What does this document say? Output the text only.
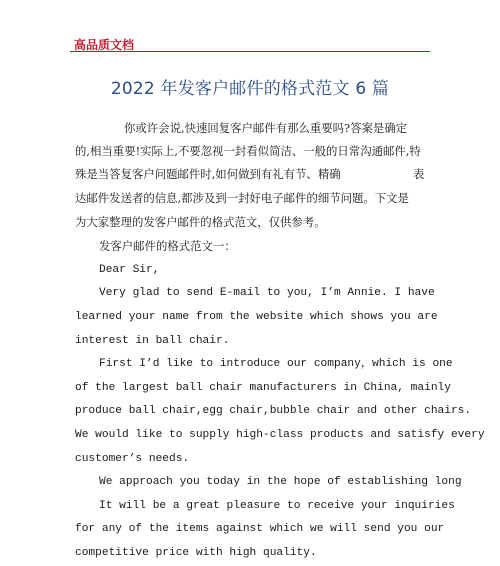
高品质文档
2022 年发客户邮件的格式范文 6 篇
你或许会说,快速回复客户邮件有那么重要吗?答案是确定
的,相当重要!实际上,不要忽视一封看似简洁、一般的日常沟通邮件,特
殊是当答复客户问题邮件时,如何做到有礼有节、精确	表
达邮件发送者的信息,都涉及到一封好电子邮件的细节问题。下文是
为大家整理的发客户邮件的格式范文，仅供参考。
发客户邮件的格式范文一：
Dear Sir,
Very glad to send E-mail to you, I’m Annie. I have
learned your name from the website which shows you are
interest in ball chair.
First I’d like to introduce our company，which is one
of the largest ball chair manufacturers in China, mainly
produce ball chair,egg chair,bubble chair and other chairs.
We would like to supply high-class products and satisfy every
customer’s needs.
We approach you today in the hope of establishing long
It will be a great pleasure to receive your inquiries
for any of the items against which we will send you our
competitive price with high quality.
